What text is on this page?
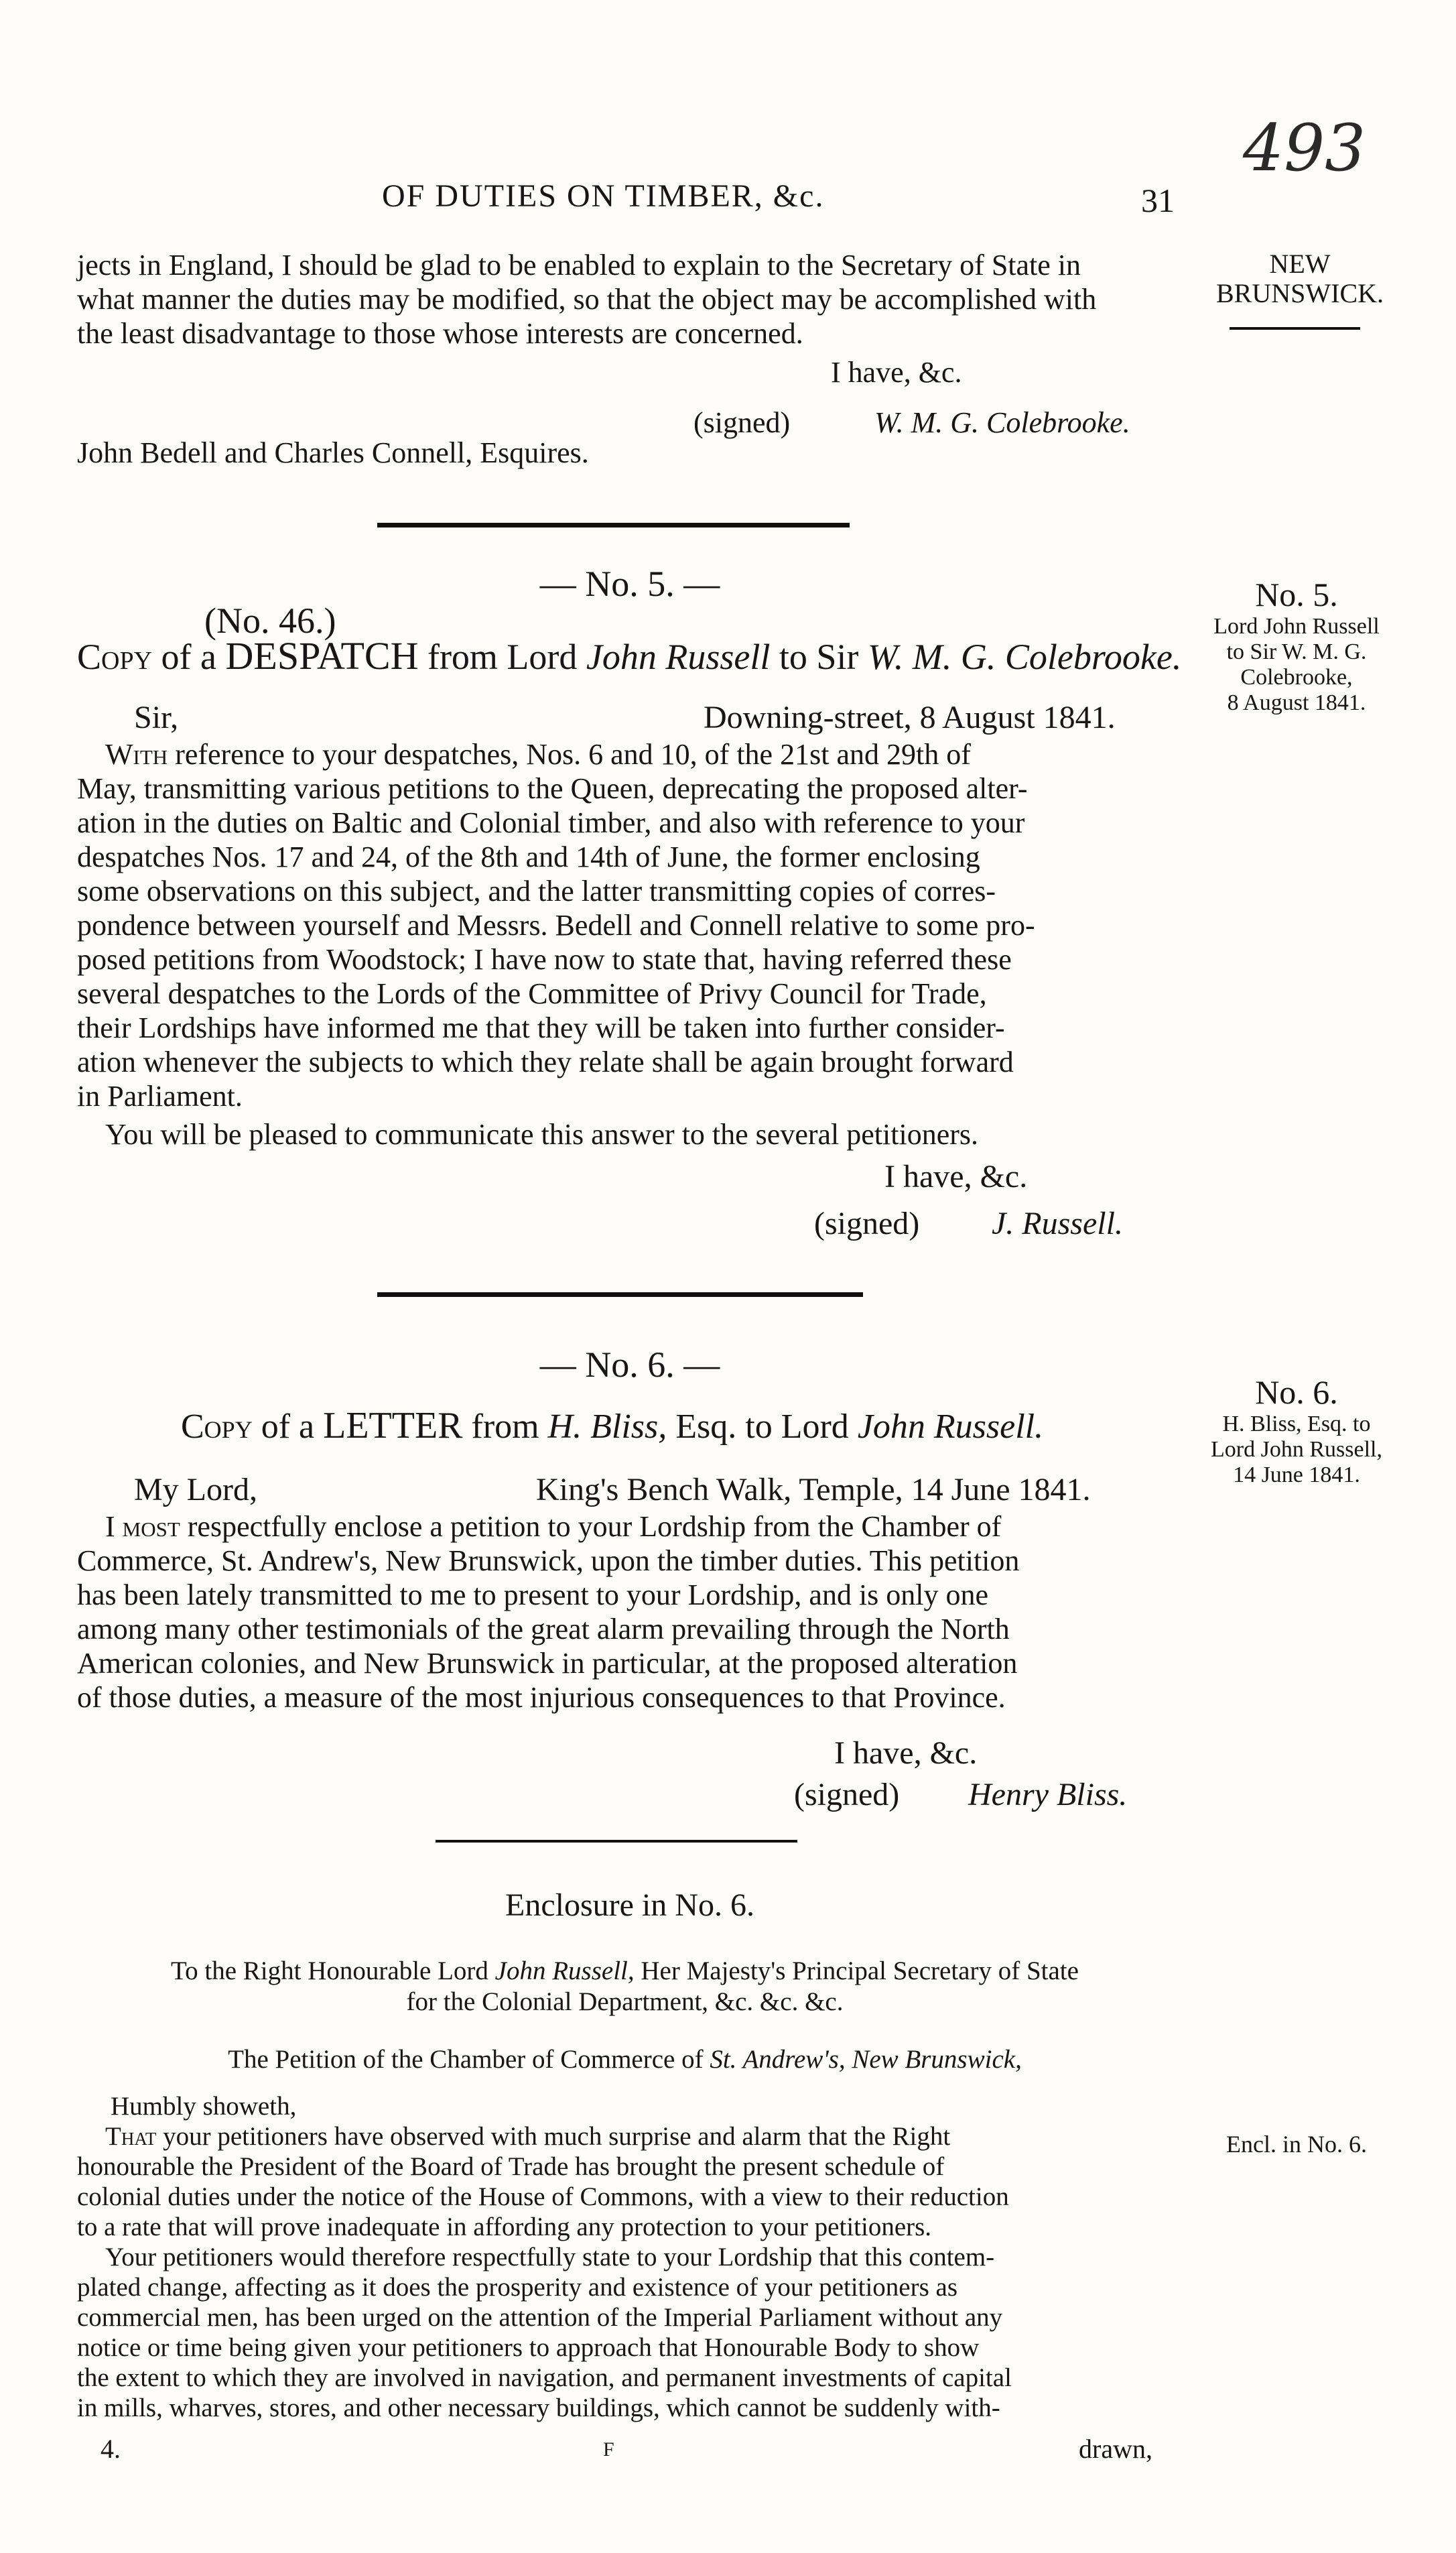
493
OF DUTIES ON TIMBER, &c.	31
NEW
BRUNSWICK.

jects in England, I should be glad to be enabled to explain to the Secretary of State in

what manner the duties may be modified, so that the object may be accomplished with

the least disadvantage to those whose interests are concerned.

I have, &c.
(signed)	W. M. G. Colebrooke.
John Bedell and Charles Connell, Esquires.
— No. 5. —
(No. 46.)
Copy of a DESPATCH from Lord John Russell to Sir W. M. G. Colebrooke.
No. 5.
Lord John Russell
to Sir W. M. G.
Colebrooke,
8 August 1841.
Sir,	Downing-street, 8 August 1841.

With reference to your despatches, Nos. 6 and 10, of the 21st and 29th of

May, transmitting various petitions to the Queen, deprecating the proposed alter-

ation in the duties on Baltic and Colonial timber, and also with reference to your

despatches Nos. 17 and 24, of the 8th and 14th of June, the former enclosing

some observations on this subject, and the latter transmitting copies of corres-

pondence between yourself and Messrs. Bedell and Connell relative to some pro-

posed petitions from Woodstock; I have now to state that, having referred these

several despatches to the Lords of the Committee of Privy Council for Trade,

their Lordships have informed me that they will be taken into further consider-

ation whenever the subjects to which they relate shall be again brought forward

in Parliament.

You will be pleased to communicate this answer to the several petitioners.

I have, &c.
(signed) J. Russell.
— No. 6. —
Copy of a LETTER from H. Bliss, Esq. to Lord John Russell.
No. 6.
H. Bliss, Esq. to
Lord John Russell,
14 June 1841.
My Lord,	King's Bench Walk, Temple, 14 June 1841.

I most respectfully enclose a petition to your Lordship from the Chamber of

Commerce, St. Andrew's, New Brunswick, upon the timber duties. This petition

has been lately transmitted to me to present to your Lordship, and is only one

among many other testimonials of the great alarm prevailing through the North

American colonies, and New Brunswick in particular, at the proposed alteration

of those duties, a measure of the most injurious consequences to that Province.

I have, &c.
(signed) Henry Bliss.
Enclosure in No. 6.
To the Right Honourable Lord John Russell, Her Majesty's Principal Secretary of State
for the Colonial Department, &c. &c. &c.
The Petition of the Chamber of Commerce of St. Andrew's, New Brunswick,
Humbly showeth,
Encl. in No. 6.

That your petitioners have observed with much surprise and alarm that the Right

honourable the President of the Board of Trade has brought the present schedule of

colonial duties under the notice of the House of Commons, with a view to their reduction

to a rate that will prove inadequate in affording any protection to your petitioners.

Your petitioners would therefore respectfully state to your Lordship that this contem-

plated change, affecting as it does the prosperity and existence of your petitioners as

commercial men, has been urged on the attention of the Imperial Parliament without any

notice or time being given your petitioners to approach that Honourable Body to show

the extent to which they are involved in navigation, and permanent investments of capital

in mills, wharves, stores, and other necessary buildings, which cannot be suddenly with-

4.	F	drawn,
